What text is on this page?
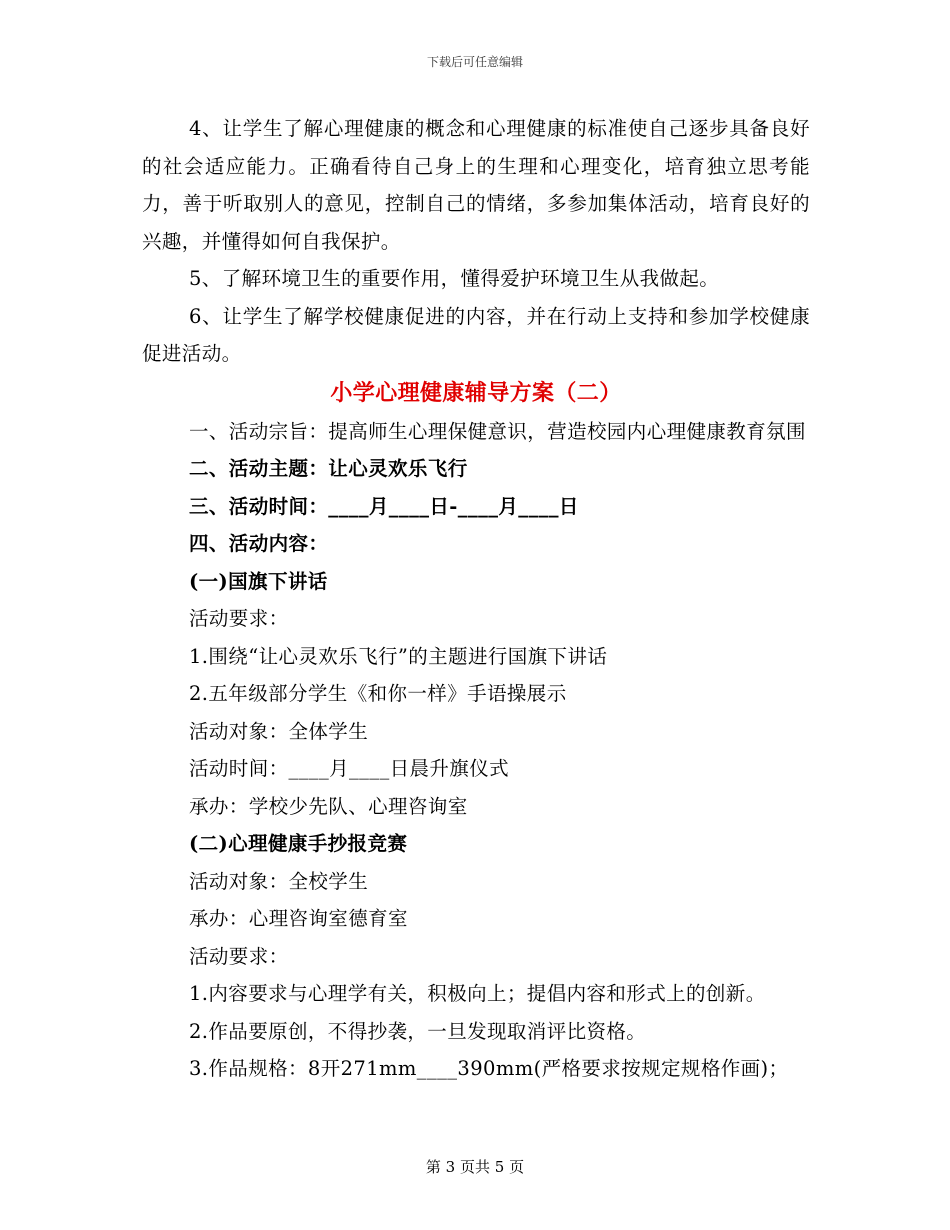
下载后可任意编辑

4、让学生了解心理健康的概念和心理健康的标准使自己逐步具备良好的社会适应能力。正确看待自己身上的生理和心理变化，培育独立思考能力，善于听取别人的意见，控制自己的情绪，多参加集体活动，培育良好的兴趣，并懂得如何自我保护。

5、了解环境卫生的重要作用，懂得爱护环境卫生从我做起。

6、让学生了解学校健康促进的内容，并在行动上支持和参加学校健康促进活动。

小学心理健康辅导方案（二）

一、活动宗旨：提高师生心理保健意识，营造校园内心理健康教育氛围

二、活动主题：让心灵欢乐飞行

三、活动时间：____月____日-____月____日

四、活动内容：

(一)国旗下讲话

活动要求：

1.围绕“让心灵欢乐飞行”的主题进行国旗下讲话

2.五年级部分学生《和你一样》手语操展示

活动对象：全体学生

活动时间：____月____日晨升旗仪式

承办：学校少先队、心理咨询室

(二)心理健康手抄报竞赛

活动对象：全校学生

承办：心理咨询室德育室

活动要求：

1.内容要求与心理学有关，积极向上；提倡内容和形式上的创新。

2.作品要原创，不得抄袭，一旦发现取消评比资格。

3.作品规格：8开271mm____390mm(严格要求按规定规格作画)；

第 3 页共 5 页
